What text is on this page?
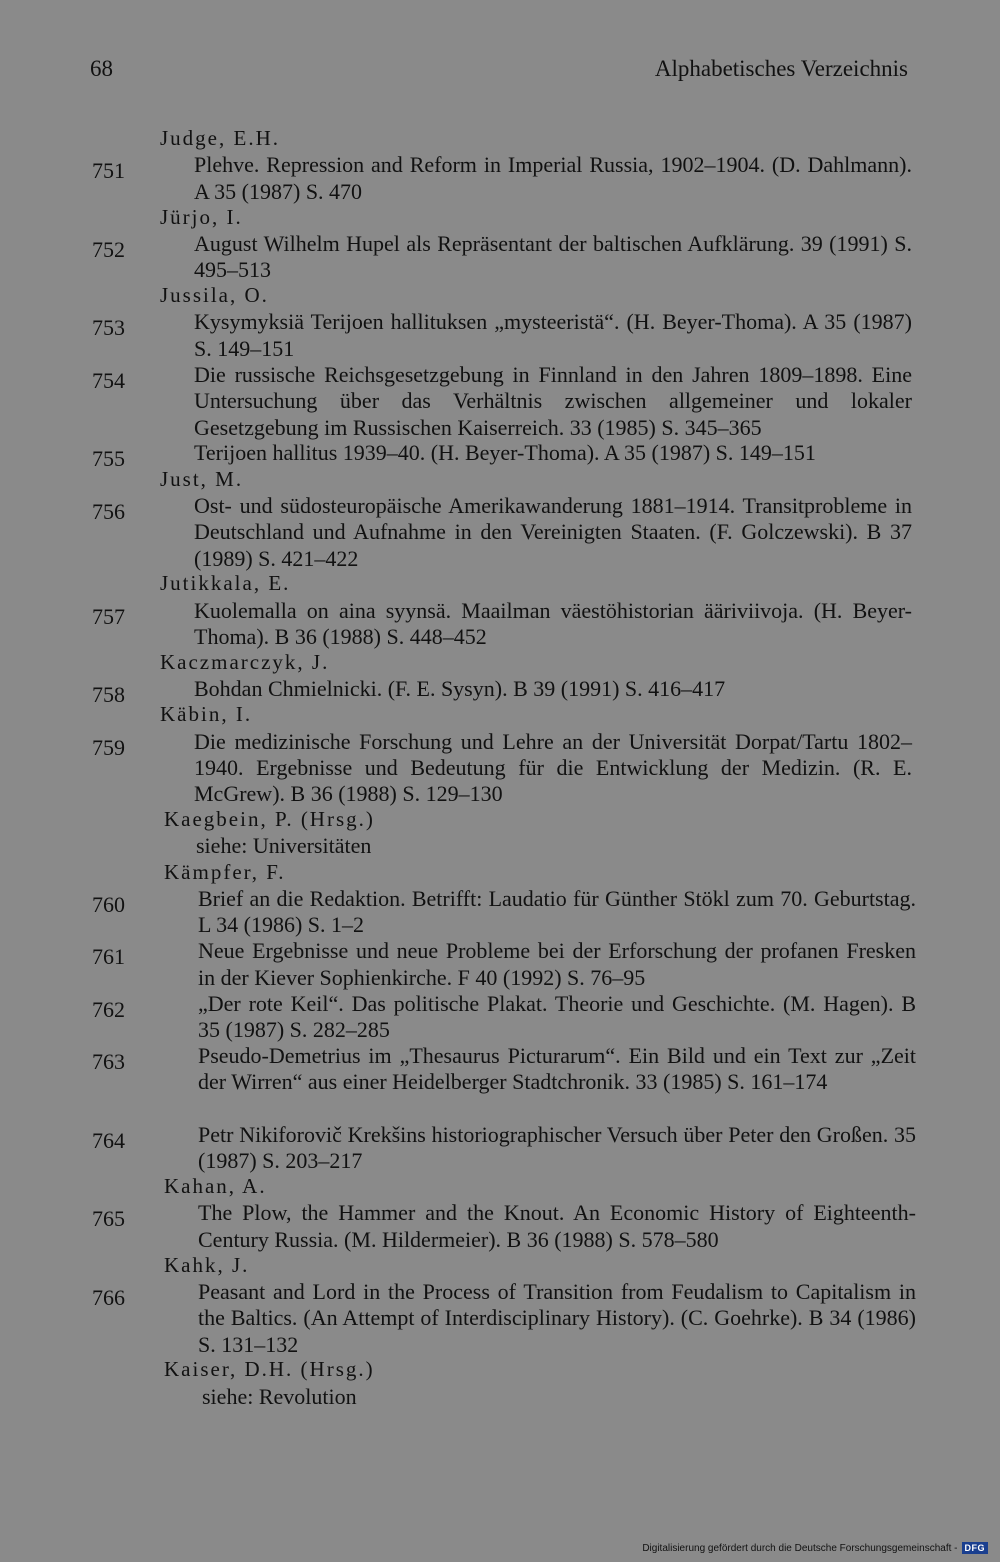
68	Alphabetisches Verzeichnis
Judge, E.H.
751	Plehve. Repression and Reform in Imperial Russia, 1902–1904. (D. Dahlmann). A 35 (1987) S. 470
Jürjo, I.
752	August Wilhelm Hupel als Repräsentant der baltischen Aufklärung. 39 (1991) S. 495–513
Jussila, O.
753	Kysymyksiä Terijoen hallituksen „mysteeristä“. (H. Beyer-Thoma). A 35 (1987) S. 149–151
754	Die russische Reichsgesetzgebung in Finnland in den Jahren 1809–1898. Eine Untersuchung über das Verhältnis zwischen allgemeiner und lokaler Gesetzgebung im Russischen Kaiserreich. 33 (1985) S. 345–365
755	Terijoen hallitus 1939–40. (H. Beyer-Thoma). A 35 (1987) S. 149–151
Just, M.
756	Ost- und südosteuropäische Amerikawanderung 1881–1914. Transitprobleme in Deutschland und Aufnahme in den Vereinigten Staaten. (F. Golczewski). B 37 (1989) S. 421–422
Jutikkala, E.
757	Kuolemalla on aina syynsä. Maailman väestöhistorian ääriviivoja. (H. Beyer-Thoma). B 36 (1988) S. 448–452
Kaczmarczyk, J.
758	Bohdan Chmielnicki. (F. E. Sysyn). B 39 (1991) S. 416–417
Käbin, I.
759	Die medizinische Forschung und Lehre an der Universität Dorpat/Tartu 1802–1940. Ergebnisse und Bedeutung für die Entwicklung der Medizin. (R. E. McGrew). B 36 (1988) S. 129–130
Kaegbein, P. (Hrsg.)
siehe: Universitäten
Kämpfer, F.
760	Brief an die Redaktion. Betrifft: Laudatio für Günther Stökl zum 70. Geburtstag. L 34 (1986) S. 1–2
761	Neue Ergebnisse und neue Probleme bei der Erforschung der profanen Fresken in der Kiever Sophienkirche. F 40 (1992) S. 76–95
762	„Der rote Keil“. Das politische Plakat. Theorie und Geschichte. (M. Hagen). B 35 (1987) S. 282–285
763	Pseudo-Demetrius im „Thesaurus Picturarum“. Ein Bild und ein Text zur „Zeit der Wirren“ aus einer Heidelberger Stadtchronik. 33 (1985) S. 161–174
764	Petr Nikiforovič Krekšins historiographischer Versuch über Peter den Großen. 35 (1987) S. 203–217
Kahan, A.
765	The Plow, the Hammer and the Knout. An Economic History of Eighteenth-Century Russia. (M. Hildermeier). B 36 (1988) S. 578–580
Kahk, J.
766	Peasant and Lord in the Process of Transition from Feudalism to Capitalism in the Baltics. (An Attempt of Interdisciplinary History). (C. Goehrke). B 34 (1986) S. 131–132
Kaiser, D.H. (Hrsg.)
siehe: Revolution
Digitalisierung gefördert durch die Deutsche Forschungsgemeinschaft - DFG
